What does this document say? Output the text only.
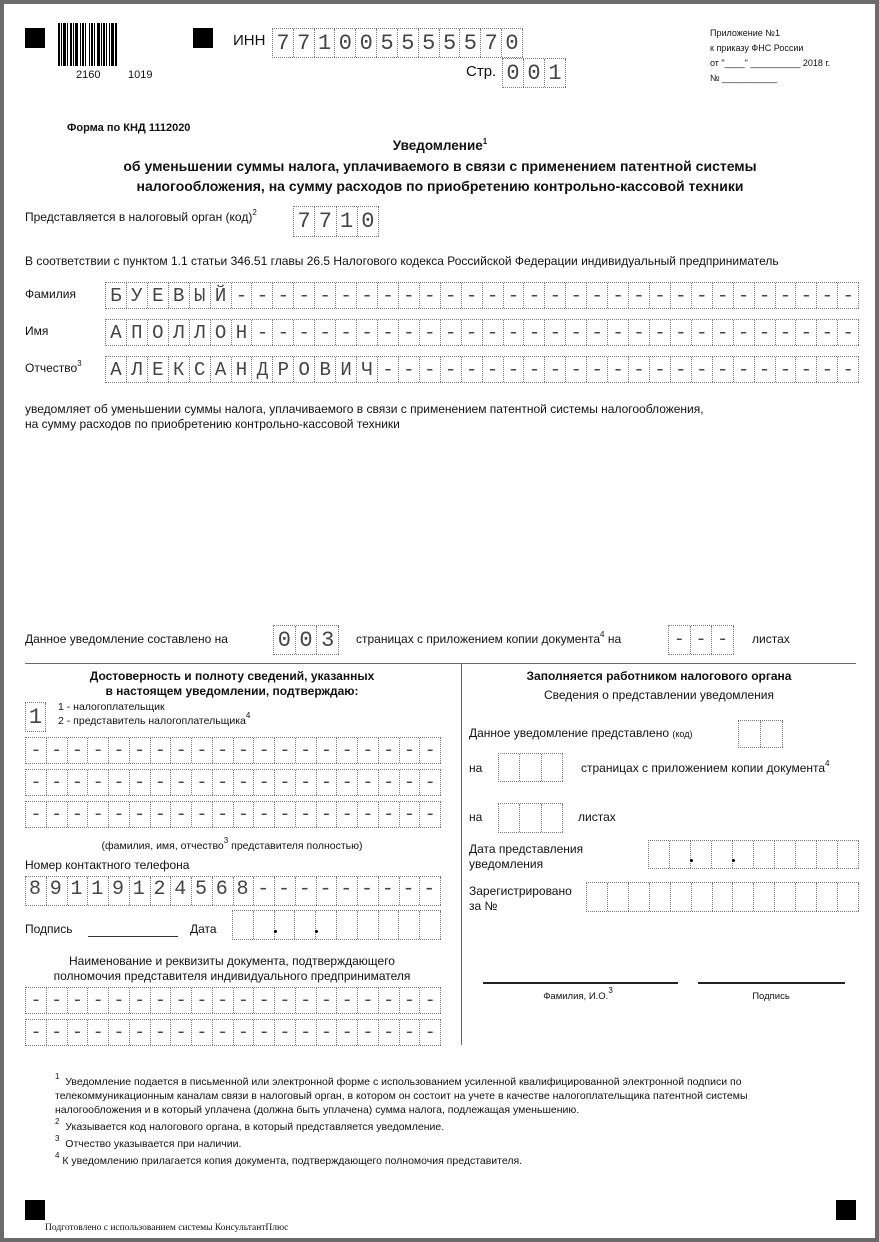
2160	1019
ИНН 7 7 1 0 0 5 5 5 5 5 7 0
Стр. 0 0 1
Приложение №1
к приказу ФНС России
от "____" __________ 2018 г.
№ ___________
Форма по КНД 1112020
Уведомление$^1$
об уменьшении суммы налога, уплачиваемого в связи с применением патентной системы
налогообложения, на сумму расходов по приобретению контрольно-кассовой техники
Представляется в налоговый орган (код)$^2$ 7 7 1 0
В соответствии с пунктом 1.1 статьи 346.51 главы 26.5 Налогового кодекса Российской Федерации индивидуальный предприниматель
Фамилия Б У Е В Ы Й - - - - - - - - - - - - - - - - - - - - - - - - - - - - - -
Имя	А П О Л Л О Н - - - - - - - - - - - - - - - - - - - - - - - - - - - - -
Отчество$^3$ А Л Е К С А Н Д Р О В И Ч - - - - - - - - - - - - - - - - - - - - - - -
уведомляет об уменьшении суммы налога, уплачиваемого в связи с применением патентной системы налогообложения,
на сумму расходов по приобретению контрольно-кассовой техники
Данное уведомление составлено на 0 0 3	страницах с приложением копии документа$^4$ на	- - -	листах
Достоверность и полноту сведений, указанных
в настоящем уведомлении, подтверждаю:
1	1 - налогоплательщик
2 - представитель налогоплательщика$^4$
- - - - - - - - - - - - - - - - - - - -
- - - - - - - - - - - - - - - - - - - -
- - - - - - - - - - - - - - - - - - - -
(фамилия, имя, отчество$^3$ представителя полностью)
Номер контактного телефона
89119124568---------
Подпись	Дата
Наименование и реквизиты документа, подтверждающего
полномочия представителя индивидуального предпринимателя
- - - - - - - - - - - - - - - - - - - -
- - - - - - - - - - - - - - - - - - - -
Заполняется работником налогового органа
Сведения о представлении уведомления
Данное уведомление представлено (код)
на	страницах с приложением копии документа$^4$
на	листах
Дата представления
уведомления
Зарегистрировано
за №
Фамилия, И.О.$^3$
Подпись
$^1$ Уведомление подается в письменной или электронной форме с использованием усиленной квалифицированной электронной подписи по
телекоммуникационным каналам связи в налоговый орган, в котором он состоит на учете в качестве налогоплательщика патентной системы
налогообложения и в который уплачена (должна быть уплачена) сумма налога, подлежащая уменьшению.
$^2$ Указывается код налогового органа, в который представляется уведомление.
$^3$ Отчество указывается при наличии.
$^4$ К уведомлению прилагается копия документа, подтверждающего полномочия представителя.
Подготовлено с использованием системы КонсультантПлюс
